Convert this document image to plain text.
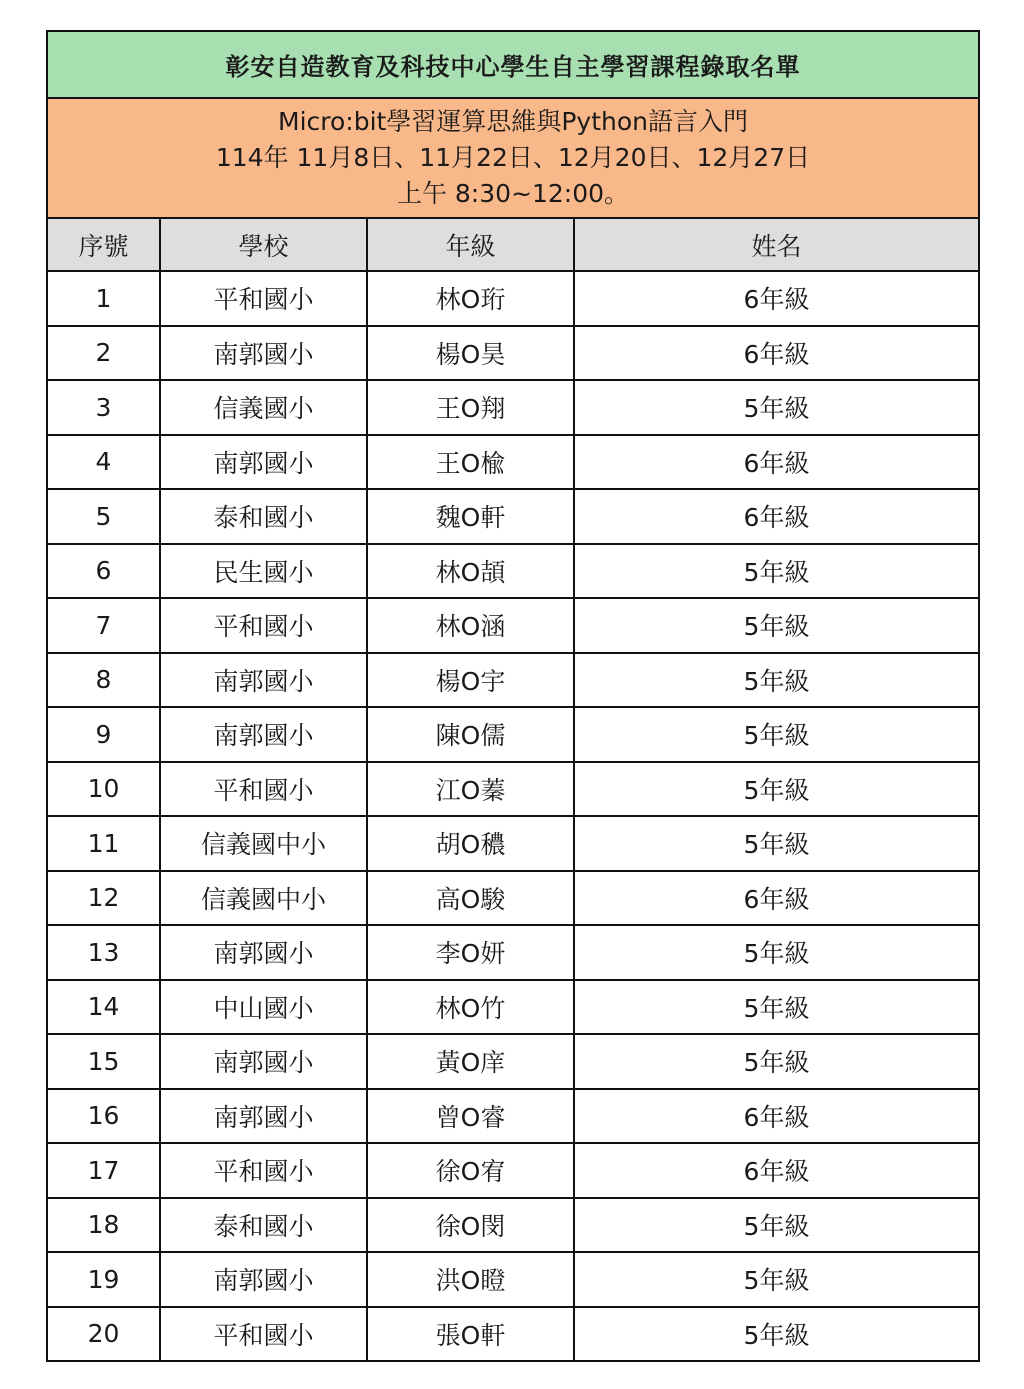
彰安自造教育及科技中心學生自主學習課程錄取名單
Micro:bit學習運算思維與Python語言入門
114年 11月8日、11月22日、12月20日、12月27日
上午 8:30~12:00。
序號	學校	年級	姓名
1	平和國小	林O珩	6年級
2	南郭國小	楊O昊	6年級
3	信義國小	王O翔	5年級
4	南郭國小	王O楡	6年級
5	泰和國小	魏O軒	6年級
6	民生國小	林O頡	5年級
7	平和國小	林O涵	5年級
8	南郭國小	楊O宇	5年級
9	南郭國小	陳O儒	5年級
10	平和國小	江O蓁	5年級
11	信義國中小	胡O穠	5年級
12	信義國中小	高O駿	6年級
13	南郭國小	李O妍	5年級
14	中山國小	林O竹	5年級
15	南郭國小	黃O庠	5年級
16	南郭國小	曾O睿	6年級
17	平和國小	徐O宥	6年級
18	泰和國小	徐O閔	5年級
19	南郭國小	洪O瞪	5年級
20	平和國小	張O軒	5年級
